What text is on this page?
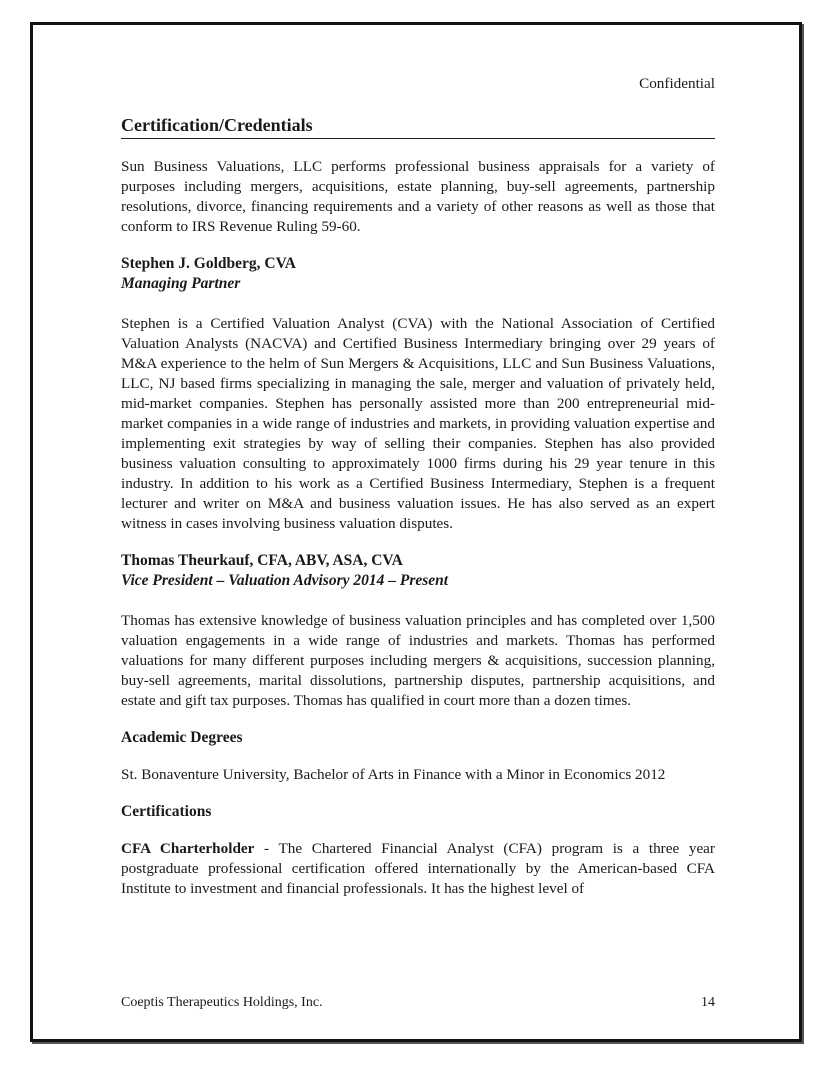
Confidential
Certification/Credentials

Sun Business Valuations, LLC performs professional business appraisals for a variety of purposes including mergers, acquisitions, estate planning, buy-sell agreements, partnership resolutions, divorce, financing requirements and a variety of other reasons as well as those that conform to IRS Revenue Ruling 59-60.

Stephen J. Goldberg, CVA
Managing Partner

Stephen is a Certified Valuation Analyst (CVA) with the National Association of Certified Valuation Analysts (NACVA) and Certified Business Intermediary bringing over 29 years of M&A experience to the helm of Sun Mergers & Acquisitions, LLC and Sun Business Valuations, LLC, NJ based firms specializing in managing the sale, merger and valuation of privately held, mid-market companies. Stephen has personally assisted more than 200 entrepreneurial mid-market companies in a wide range of industries and markets, in providing valuation expertise and implementing exit strategies by way of selling their companies. Stephen has also provided business valuation consulting to approximately 1000 firms during his 29 year tenure in this industry. In addition to his work as a Certified Business Intermediary, Stephen is a frequent lecturer and writer on M&A and business valuation issues. He has also served as an expert witness in cases involving business valuation disputes.

Thomas Theurkauf, CFA, ABV, ASA, CVA
Vice President – Valuation Advisory 2014 – Present

Thomas has extensive knowledge of business valuation principles and has completed over 1,500 valuation engagements in a wide range of industries and markets. Thomas has performed valuations for many different purposes including mergers & acquisitions, succession planning, buy-sell agreements, marital dissolutions, partnership disputes, partnership acquisitions, and estate and gift tax purposes. Thomas has qualified in court more than a dozen times.

Academic Degrees

St. Bonaventure University, Bachelor of Arts in Finance with a Minor in Economics 2012

Certifications

CFA Charterholder - The Chartered Financial Analyst (CFA) program is a three year postgraduate professional certification offered internationally by the American-based CFA Institute to investment and financial professionals. It has the highest level of

Coeptis Therapeutics Holdings, Inc.	14
